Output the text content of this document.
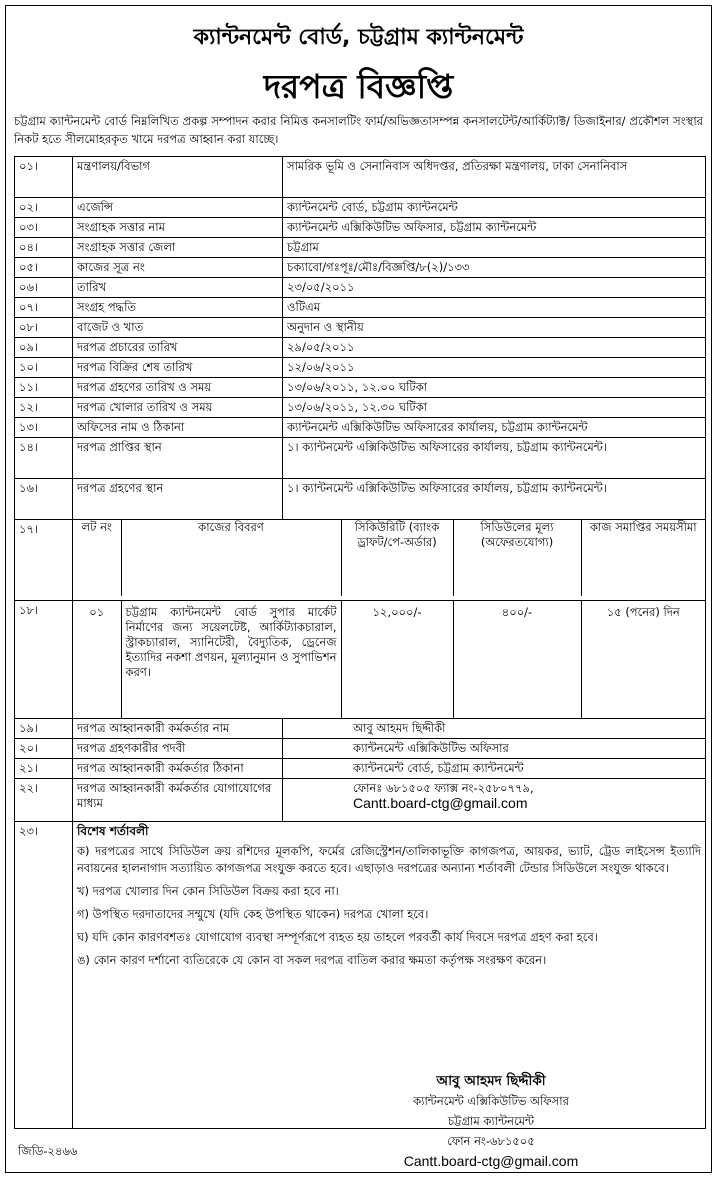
ক্যান্টনমেন্ট বোর্ড, চট্টগ্রাম ক্যান্টনমেন্ট
দরপত্র বিজ্ঞপ্তি
চট্টগ্রাম ক্যান্টনমেন্ট বোর্ড নিম্নলিখিত প্রকল্প সম্পাদন করার নিমিত্ত কনসালটিং ফার্ম/অভিজ্ঞতাসম্পন্ন কনসালটেন্ট/আর্কিট্যাক্ট/ ডিজাইনার/ প্রকৌশল সংস্থার নিকট হতে সীলমোহরকৃত খামে দরপত্র আহ্বান করা যাচ্ছে।
০১।	মন্ত্রণালয়/বিভাগ	সামরিক ভূমি ও সেনানিবাস অধিদপ্তর, প্রতিরক্ষা মন্ত্রণালয়, ঢাকা সেনানিবাস
০২।	এজেন্সি	ক্যান্টনমেন্ট বোর্ড, চট্টগ্রাম ক্যান্টনমেন্ট
০৩।	সংগ্রাহক সত্তার নাম	ক্যান্টনমেন্ট এক্সিকিউটিভ অফিসার, চট্টগ্রাম ক্যান্টনমেন্ট
০৪।	সংগ্রাহক সত্তার জেলা	চট্টগ্রাম
০৫।	কাজের সূত্র নং	চক্যাবো/গঃপূঃ/মৌঃ/বিজ্ঞপ্তি/৮(২)/১৩৩
০৬।	তারিখ	২৩/০৫/২০১১
০৭।	সংগ্রহ পদ্ধতি	ওটিএম
০৮।	বাজেট ও খাত	অনুদান ও স্থানীয়
০৯।	দরপত্র প্রচারের তারিখ	২৯/০৫/২০১১
১০।	দরপত্র বিক্রির শেষ তারিখ	১২/০৬/২০১১
১১।	দরপত্র গ্রহণের তারিখ ও সময়	১৩/০৬/২০১১, ১২.০০ ঘটিকা
১২।	দরপত্র খোলার তারিখ ও সময়	১৩/০৬/২০১১, ১২.৩০ ঘটিকা
১৩।	অফিসের নাম ও ঠিকানা	ক্যান্টনমেন্ট এক্সিকিউটিভ অফিসারের কার্যালয়, চট্টগ্রাম ক্যান্টনমেন্ট
১৪।	দরপত্র প্রাপ্তির স্থান	১। ক্যান্টনমেন্ট এক্সিকিউটিভ অফিসারের কার্যালয়, চট্টগ্রাম ক্যান্টনমেন্ট।
১৬।	দরপত্র গ্রহণের স্থান	১। ক্যান্টনমেন্ট এক্সিকিউটিভ অফিসারের কার্যালয়, চট্টগ্রাম ক্যান্টনমেন্ট।
১৭।		লট নং	কাজের বিবরণ	সিকিউরিটি (ব্যাংক ড্রাফট/পে-অর্ডার)	সিডিউলের মূল্য (অফেরতযোগ্য)	কাজ সমাপ্তির সময়সীমা

১৮।		০১	চট্টগ্রাম ক্যান্টনমেন্ট বোর্ড সুপার মার্কেট নির্মাণের জন্য সয়েলটেষ্ট, আর্কিট্যাকচারাল, স্ট্রাকচ্যারাল, স্যানিটেরী, বৈদ্যুতিক, ড্রেনেজ ইত্যাদির নকশা প্রণয়ন, মূল্যানুমান ও সুপাভিশন করণ।	১২,০০০/-	৪০০/-	১৫ (পনের) দিন

১৯।	দরপত্র আহ্বানকারী কর্মকর্তার নাম	আবু আহমদ ছিদ্দীকী
২০।	দরপত্র গ্রহণকারীর পদবী	ক্যান্টনমেন্ট এক্সিকিউটিভ অফিসার
২১।	দরপত্র আহ্বানকারী কর্মকর্তার ঠিকানা	ক্যান্টনমেন্ট বোর্ড, চট্টগ্রাম ক্যান্টনমেন্ট
২২।	দরপত্র আহ্বানকারী কর্মকর্তার যোগাযোগের মাধ্যম	
ফোনঃ ৬৮১৫০৫ ফ্যাক্স নং-২৫৮০৭৭৯,
Cantt.board-ctg@gmail.com

২৩।	বিশেষ শর্তাবলী

ক) দরপত্রের সাথে সিডিউল ক্রয় রশিদের মূলকপি, ফর্মের রেজিস্ট্রেশন/তালিকাভূক্তি কাগজপত্র, আয়কর, ভ্যাট, ট্রেড লাইসেন্স ইত্যাদি নবায়নের হালনাগাদ সত্যায়িত কাগজপত্র সংযুক্ত করতে হবে। এছাড়াও দরপত্রের অন্যান্য শর্তাবলী টেন্ডার সিডিউলে সংযুক্ত থাকবে।

খ) দরপত্র খোলার দিন কোন সিডিউল বিক্রয় করা হবে না।

গ) উপস্থিত দরদাতাদের সম্মুখে (যদি কেহ উপস্থিত থাকেন) দরপত্র খোলা হবে।

ঘ) যদি কোন কারণবশতঃ যোগাযোগ ব্যবস্থা সম্পূর্ণরূপে ব্যহত হয় তাহলে পরবর্তী কার্য দিবসে দরপত্র গ্রহণ করা হবে।

ঙ) কোন কারণ দর্শানো ব্যতিরেকে যে কোন বা সকল দরপত্র বাতিল করার ক্ষমতা কর্তৃপক্ষ সংরক্ষণ করেন।

আবু আহমদ ছিদ্দীকী
ক্যান্টনমেন্ট এক্সিকিউটিভ অফিসার
চট্টগ্রাম ক্যান্টনমেন্ট
ফোন নং-৬৮১৫০৫
Cantt.board-ctg@gmail.com
জিডি-২৪৬৬
